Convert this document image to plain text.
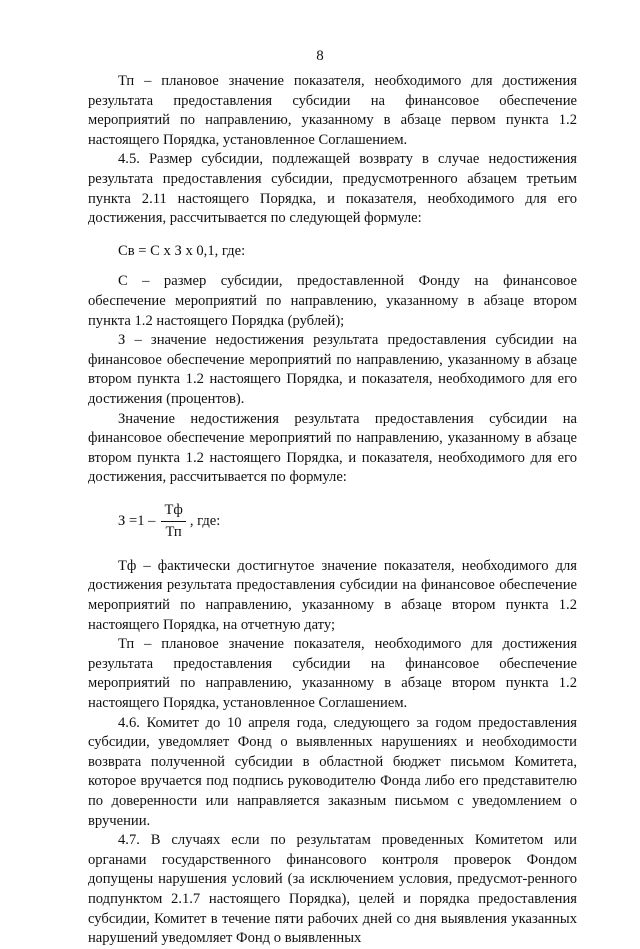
8

Тп – плановое значение показателя, необходимого для достижения результата предоставления субсидии на финансовое обеспечение мероприятий по направлению, указанному в абзаце первом пункта 1.2 настоящего Порядка, установленное Соглашением.

4.5. Размер субсидии, подлежащей возврату в случае недостижения результата предоставления субсидии, предусмотренного абзацем третьим пункта 2.11 настоящего Порядка, и показателя, необходимого для его достижения, рассчитывается по следующей формуле:

Св = С х З х 0,1, где:

С – размер субсидии, предоставленной Фонду на финансовое обеспечение мероприятий по направлению, указанному в абзаце втором пункта 1.2 настоящего Порядка (рублей);

З – значение недостижения результата предоставления субсидии на финансовое обеспечение мероприятий по направлению, указанному в абзаце втором пункта 1.2 настоящего Порядка, и показателя, необходимого для его достижения (процентов).

Значение недостижения результата предоставления субсидии на финансовое обеспечение мероприятий по направлению, указанному в абзаце втором пункта 1.2 настоящего Порядка, и показателя, необходимого для его достижения, рассчитывается по формуле:

$З =1 - \frac{Тф}{Тп}$ , где:

Тф – фактически достигнутое значение показателя, необходимого для достижения результата предоставления субсидии на финансовое обеспечение мероприятий по направлению, указанному в абзаце втором пункта 1.2 настоящего Порядка, на отчетную дату;

Тп – плановое значение показателя, необходимого для достижения результата предоставления субсидии на финансовое обеспечение мероприятий по направлению, указанному в абзаце втором пункта 1.2 настоящего Порядка, установленное Соглашением.

4.6. Комитет до 10 апреля года, следующего за годом предоставления субсидии, уведомляет Фонд о выявленных нарушениях и необходимости возврата полученной субсидии в областной бюджет письмом Комитета, которое вручается под подпись руководителю Фонда либо его представителю по доверенности или направляется заказным письмом с уведомлением о вручении.

4.7. В случаях если по результатам проведенных Комитетом или органами государственного финансового контроля проверок Фондом допущены нарушения условий (за исключением условия, предусмот-ренного подпунктом 2.1.7 настоящего Порядка), целей и порядка предоставления субсидии, Комитет в течение пяти рабочих дней со дня выявления указанных нарушений уведомляет Фонд о выявленных
